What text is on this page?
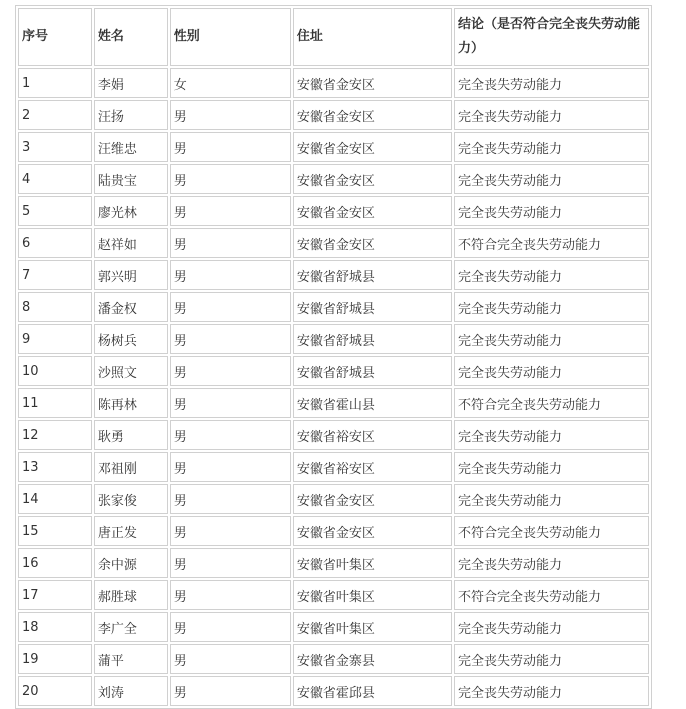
序号	姓名	性别	住址	结论（是否符合完全丧失劳动能力）
1	李娟	女	安徽省金安区	完全丧失劳动能力
2	汪扬	男	安徽省金安区	完全丧失劳动能力
3	汪维忠	男	安徽省金安区	完全丧失劳动能力
4	陆贵宝	男	安徽省金安区	完全丧失劳动能力
5	廖光林	男	安徽省金安区	完全丧失劳动能力
6	赵祥如	男	安徽省金安区	不符合完全丧失劳动能力
7	郭兴明	男	安徽省舒城县	完全丧失劳动能力
8	潘金权	男	安徽省舒城县	完全丧失劳动能力
9	杨树兵	男	安徽省舒城县	完全丧失劳动能力
10	沙照文	男	安徽省舒城县	完全丧失劳动能力
11	陈再林	男	安徽省霍山县	不符合完全丧失劳动能力
12	耿勇	男	安徽省裕安区	完全丧失劳动能力
13	邓祖刚	男	安徽省裕安区	完全丧失劳动能力
14	张家俊	男	安徽省金安区	完全丧失劳动能力
15	唐正发	男	安徽省金安区	不符合完全丧失劳动能力
16	余中源	男	安徽省叶集区	完全丧失劳动能力
17	郝胜球	男	安徽省叶集区	不符合完全丧失劳动能力
18	李广全	男	安徽省叶集区	完全丧失劳动能力
19	蒲平	男	安徽省金寨县	完全丧失劳动能力
20	刘涛	男	安徽省霍邱县	完全丧失劳动能力
